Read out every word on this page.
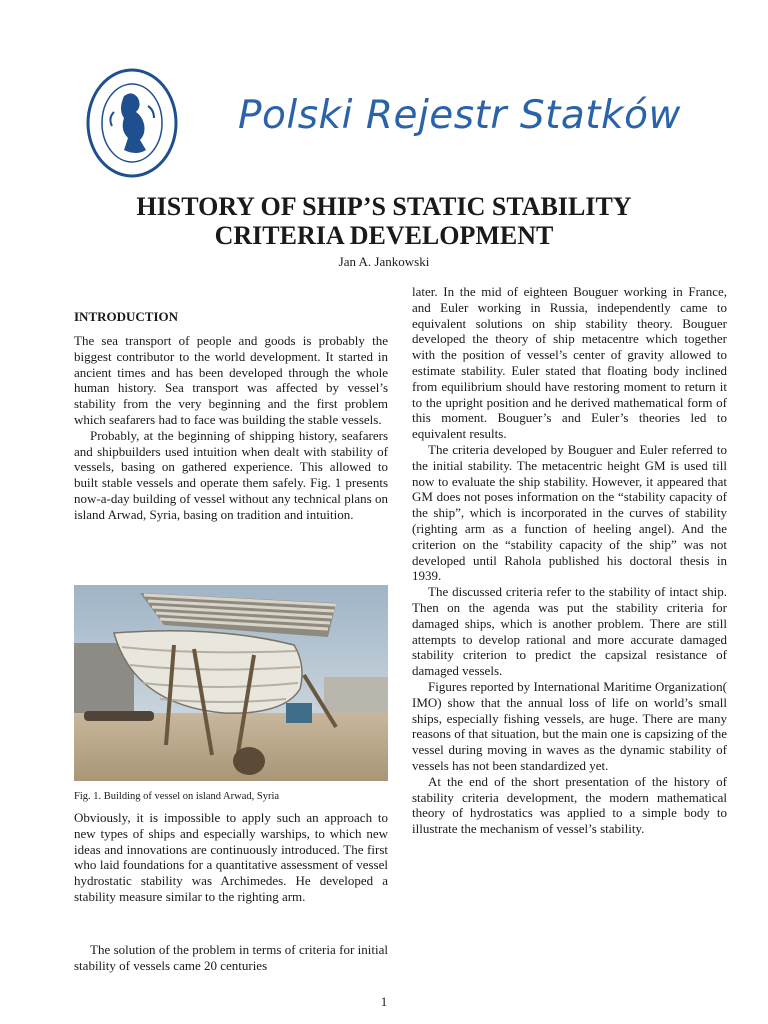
Polski Rejestr Statków
HISTORY OF SHIP’S STATIC STABILITY CRITERIA DEVELOPMENT
Jan A. Jankowski
INTRODUCTION

The sea transport of people and goods is probably the biggest contributor to the world development. It started in ancient times and has been developed through the whole human history. Sea transport was affected by vessel’s stability from the very beginning and the first problem which seafarers had to face was building the stable vessels.

Probably, at the beginning of shipping history, seafarers and shipbuilders used intuition when dealt with stability of vessels, basing on gathered experience. This allowed to built stable vessels and operate them safely. Fig. 1 presents now-a-day building of vessel without any technical plans on island Arwad, Syria, basing on tradition and intuition.

Fig. 1. Building of vessel on island Arwad, Syria

Obviously, it is impossible to apply such an approach to new types of ships and especially warships, to which new ideas and innovations are continuously introduced. The first who laid foundations for a quantitative assessment of vessel hydrostatic stability was Archimedes. He developed a stability measure similar to the righting arm.

The solution of the problem in terms of criteria for initial stability of vessels came 20 centuries

later. In the mid of eighteen Bouguer working in France, and Euler working in Russia, independently came to equivalent solutions on ship stability theory. Bouguer developed the theory of ship metacentre which together with the position of vessel’s center of gravity allowed to estimate stability. Euler stated that floating body inclined from equilibrium should have restoring moment to return it to the upright position and he derived mathematical form of this moment. Bouguer’s and Euler’s theories led to equivalent results.

The criteria developed by Bouguer and Euler referred to the initial stability. The metacentric height GM is used till now to evaluate the ship stability. However, it appeared that GM does not poses information on the “stability capacity of the ship”, which is incorporated in the curves of stability (righting arm as a function of heeling angel). And the criterion on the “stability capacity of the ship” was not developed until Rahola published his doctoral thesis in 1939.

The discussed criteria refer to the stability of intact ship. Then on the agenda was put the stability criteria for damaged ships, which is another problem. There are still attempts to develop rational and more accurate damaged stability criterion to predict the capsizal resistance of damaged vessels.

Figures reported by International Maritime Organization( IMO) show that the annual loss of life on world’s small ships, especially fishing vessels, are huge. There are many reasons of that situation, but the main one is capsizing of the vessel during moving in waves as the dynamic stability of vessels has not been standardized yet.

At the end of the short presentation of the history of stability criteria development, the modern mathematical theory of hydrostatics was applied to a simple body to illustrate the mechanism of vessel’s stability.

1
